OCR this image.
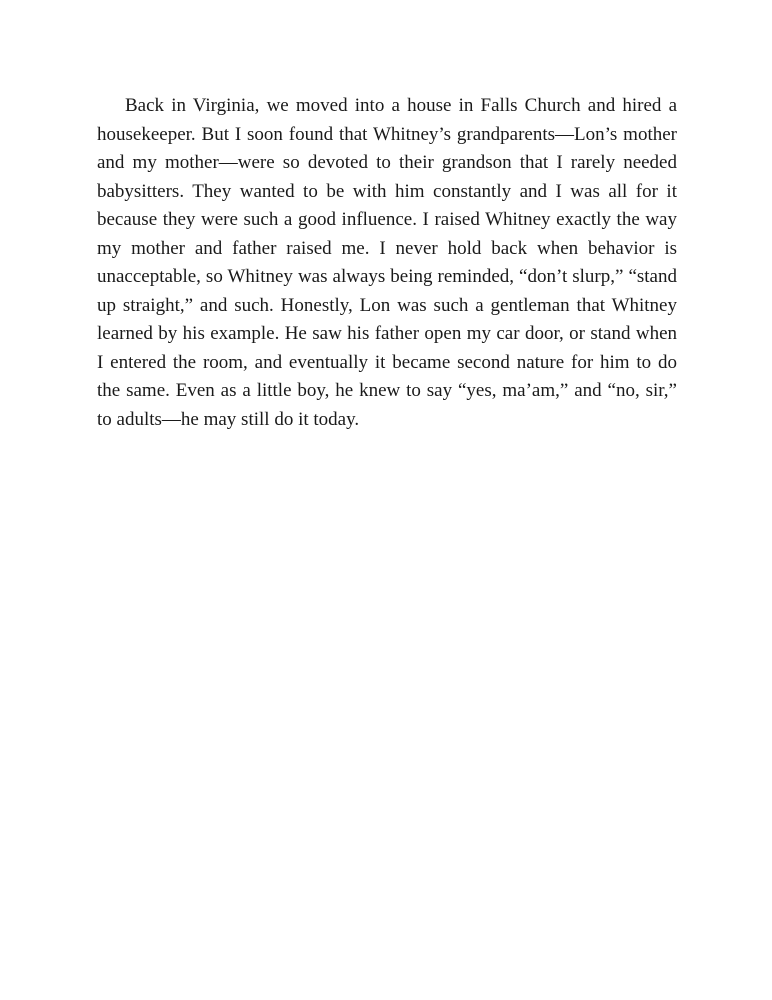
Back in Virginia, we moved into a house in Falls Church and hired a
housekeeper. But I soon found that Whitney’s grandparents—Lon’s mother
and my mother—were so devoted to their grandson that I rarely needed
babysitters. They wanted to be with him constantly and I was all for it
because they were such a good influence. I raised Whitney exactly the way
my mother and father raised me. I never hold back when behavior is
unacceptable, so Whitney was always being reminded, “don’t slurp,” “stand
up straight,” and such. Honestly, Lon was such a gentleman that Whitney
learned by his example. He saw his father open my car door, or stand when
I entered the room, and eventually it became second nature for him to do
the same. Even as a little boy, he knew to say “yes, ma’am,” and “no, sir,”
to adults—he may still do it today.
